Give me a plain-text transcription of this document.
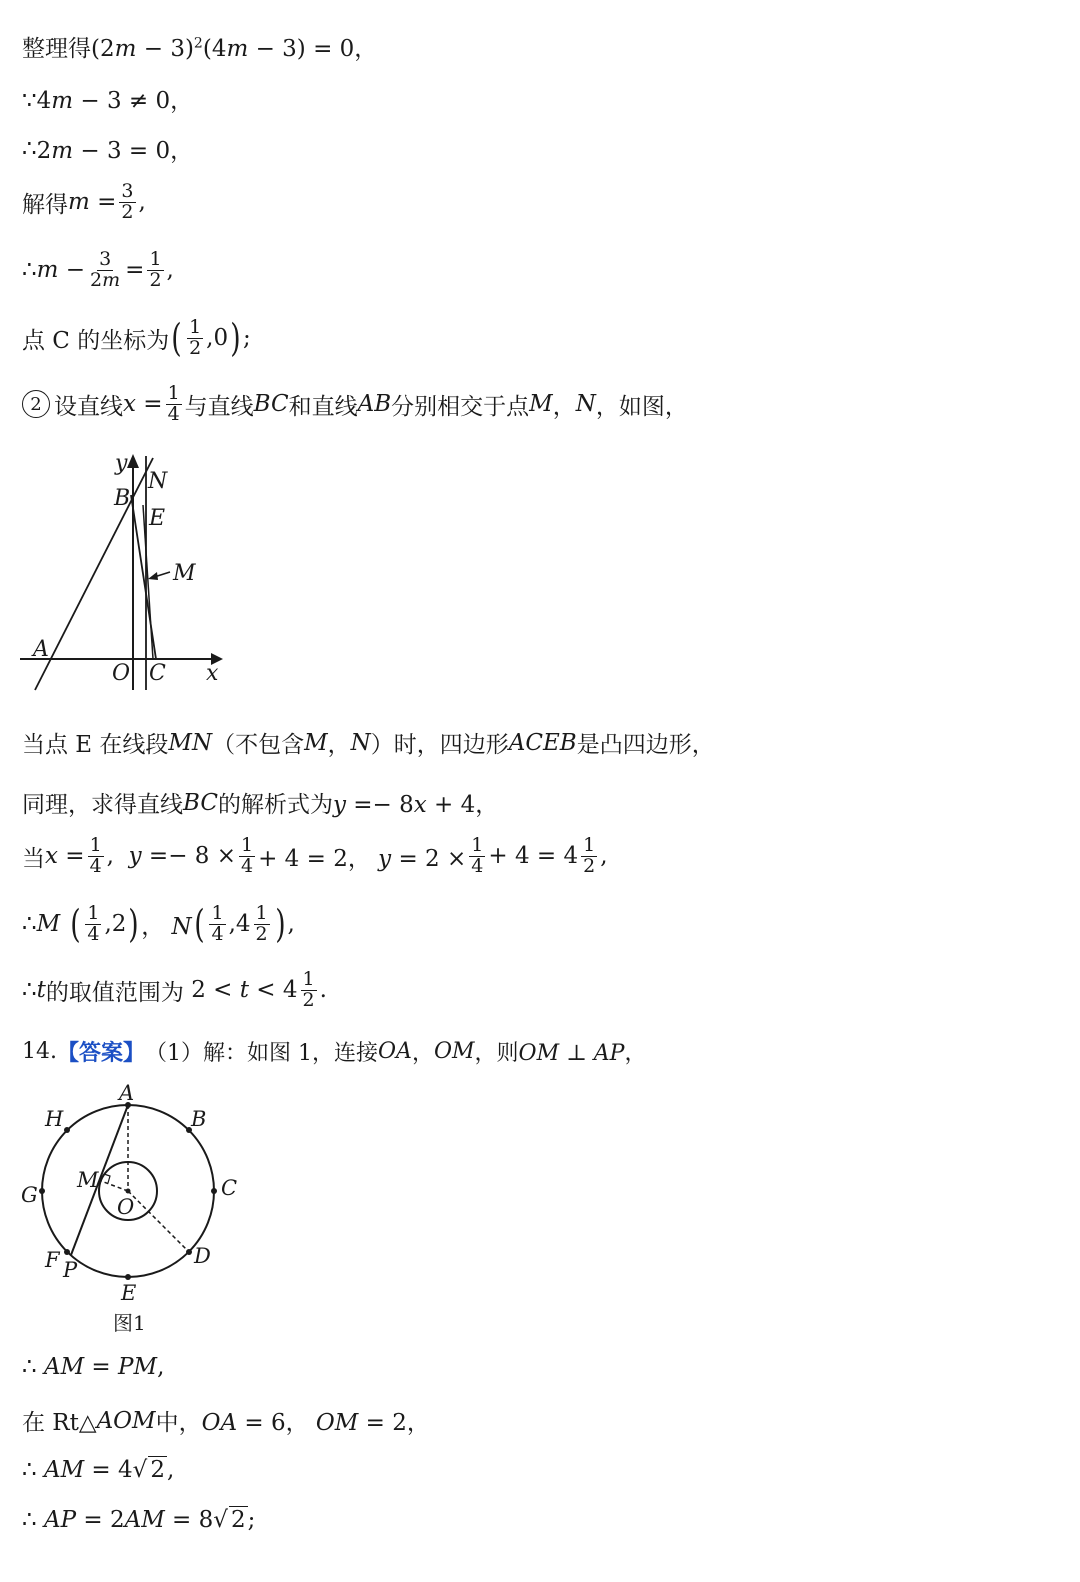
整理得 $(2m - 3)^2(4m - 3) = 0$，
∵4m − 3 ≠ 0，
∴ 2m − 3 = 0，
解得 $m = \frac{3}{2}$ ,
∴m − $\frac{3}{2m} = \frac{1}{2}$ ,
点 C 的坐标为 ( $\frac{1}{2} ,0$ ) ;
2 设直线 $x = \frac{1}{4}$ 与直线 BC 和直线 AB 分别相交于点 M ， N ，如图，
y
N
B
E
M
A
O C x
当点 E 在线段 MN （不包含 M ， N ）时，四边形 ACEB 是凸四边形，
同理，求得直线 BC 的解析式为 y =− 8x + 4，
当 $x = \frac{1}{4}$ ,  $y =- 8 \times \frac{1}{4} + 4 = 2$， $y = 2 \times \frac{1}{4} + 4 = 4 \frac{1}{2}$ ,
∴M ( $\frac{1}{4} ,2$ ) ， N ( $\frac{1}{4} ,4 \frac{1}{2}$ ) ,
∴t 的取值范围为 $2 < t < 4 \frac{1}{2}$ .
14. 【答案】 （1）解：如图 1，连接 OA ， OM ，则 OM ⊥ AP，
A
B
H
C
G
M
O
D
F P
E
图1
∴ AM = PM,
在 Rt△ AOM 中， OA = 6， OM = 2，
∴ AM = 4√ 2,
∴ AP = 2AM = 8√ 2;
